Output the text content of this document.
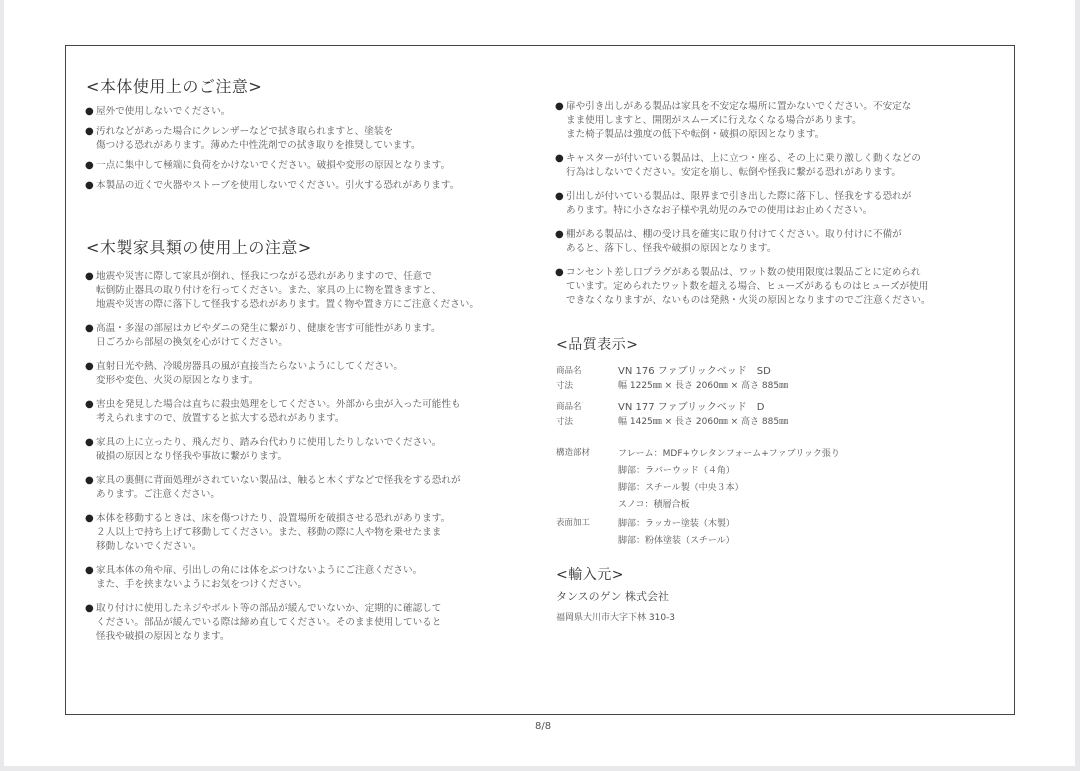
<本体使用上のご注意>
● 屋外で使用しないでください。
● 汚れなどがあった場合にクレンザーなどで拭き取られますと、塗装を
傷つける恐れがあります。薄めた中性洗剤での拭き取りを推奨しています。
● 一点に集中して極端に負荷をかけないでください。破損や変形の原因となります。
● 本製品の近くで火器やストーブを使用しないでください。引火する恐れがあります。
<木製家具類の使用上の注意>
● 地震や災害に際して家具が倒れ、怪我につながる恐れがありますので、任意で
転倒防止器具の取り付けを行ってください。また、家具の上に物を置きますと、
地震や災害の際に落下して怪我する恐れがあります。置く物や置き方にご注意ください。
● 高温・多湿の部屋はカビやダニの発生に繋がり、健康を害す可能性があります。
日ごろから部屋の換気を心がけてください。
● 直射日光や熱、冷暖房器具の風が直接当たらないようにしてください。
変形や変色、火災の原因となります。
● 害虫を発見した場合は直ちに殺虫処理をしてください。外部から虫が入った可能性も
考えられますので、放置すると拡大する恐れがあります。
● 家具の上に立ったり、飛んだり、踏み台代わりに使用したりしないでください。
破損の原因となり怪我や事故に繋がります。
● 家具の裏側に背面処理がされていない製品は、触ると木くずなどで怪我をする恐れが
あります。ご注意ください。
● 本体を移動するときは、床を傷つけたり、設置場所を破損させる恐れがあります。
２人以上で持ち上げて移動してください。また、移動の際に人や物を乗せたまま
移動しないでください。
● 家具本体の角や扉、引出しの角には体をぶつけないようにご注意ください。
また、手を挟まないようにお気をつけください。
● 取り付けに使用したネジやボルト等の部品が緩んでいないか、定期的に確認して
ください。部品が緩んでいる際は締め直してください。そのまま使用していると
怪我や破損の原因となります。
● 扉や引き出しがある製品は家具を不安定な場所に置かないでください。不安定な
まま使用しますと、開閉がスムーズに行えなくなる場合があります。
また椅子製品は強度の低下や転倒・破損の原因となります。
● キャスターが付いている製品は、上に立つ・座る、その上に乗り激しく動くなどの
行為はしないでください。安定を崩し、転倒や怪我に繋がる恐れがあります。
● 引出しが付いている製品は、限界まで引き出した際に落下し、怪我をする恐れが
あります。特に小さなお子様や乳幼児のみでの使用はお止めください。
● 棚がある製品は、棚の受け具を確実に取り付けてください。取り付けに不備が
あると、落下し、怪我や破損の原因となります。
● コンセント差し口プラグがある製品は、ワット数の使用限度は製品ごとに定められ
ています。定められたワット数を超える場合、ヒューズがあるものはヒューズが使用
できなくなりますが、ないものは発熱・火災の原因となりますのでご注意ください。
<品質表示>
商品名	VN 176 ファブリックベッド　SD
寸法	幅 1225㎜ × 長さ 2060㎜ × 高さ 885㎜
商品名	VN 177 ファブリックベッド　D
寸法	幅 1425㎜ × 長さ 2060㎜ × 高さ 885㎜
構造部材	フレーム：MDF+ウレタンフォーム+ファブリック張り
脚部：ラバーウッド（４角）
脚部：スチール製（中央３本）
スノコ：積層合板
表面加工	脚部：ラッカー塗装（木製）
脚部：粉体塗装（スチール）
<輸入元>
タンスのゲン 株式会社
福岡県大川市大字下林 310-3
8/8
